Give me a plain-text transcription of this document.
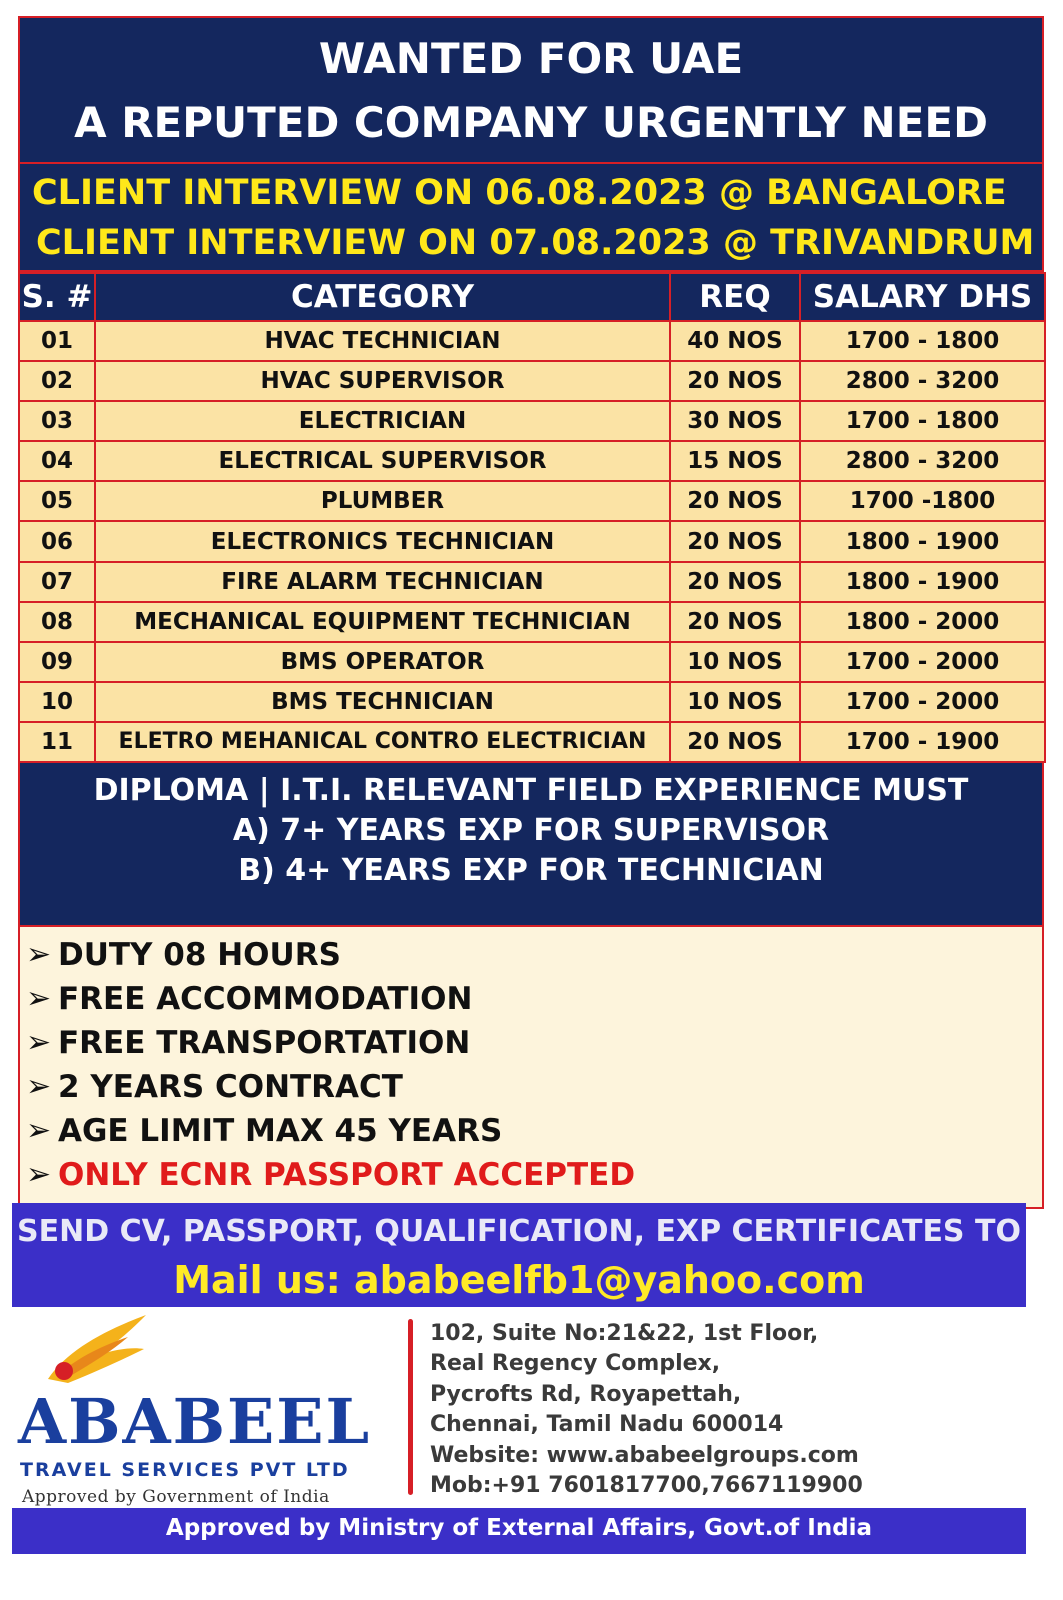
WANTED FOR UAE
A REPUTED COMPANY URGENTLY NEED
CLIENT INTERVIEW ON 06.08.2023 @ BANGALORE
CLIENT INTERVIEW ON 07.08.2023 @ TRIVANDRUM
S. #	CATEGORY	REQ	SALARY DHS
01	HVAC TECHNICIAN	40 NOS	1700 - 1800
02	HVAC SUPERVISOR	20 NOS	2800 - 3200
03	ELECTRICIAN	30 NOS	1700 - 1800
04	ELECTRICAL SUPERVISOR	15 NOS	2800 - 3200
05	PLUMBER	20 NOS	1700 -1800
06	ELECTRONICS TECHNICIAN	20 NOS	1800 - 1900
07	FIRE ALARM TECHNICIAN	20 NOS	1800 - 1900
08	MECHANICAL EQUIPMENT TECHNICIAN	20 NOS	1800 - 2000
09	BMS OPERATOR	10 NOS	1700 - 2000
10	BMS TECHNICIAN	10 NOS	1700 - 2000
11	ELETRO MEHANICAL CONTRO ELECTRICIAN	20 NOS	1700 - 1900
DIPLOMA | I.T.I. RELEVANT FIELD EXPERIENCE MUST
A) 7+ YEARS EXP FOR SUPERVISOR
B) 4+ YEARS EXP FOR TECHNICIAN
➢ DUTY 08 HOURS
➢ FREE ACCOMMODATION
➢ FREE TRANSPORTATION
➢ 2 YEARS CONTRACT
➢ AGE LIMIT MAX 45 YEARS
➢ ONLY ECNR PASSPORT ACCEPTED
SEND CV, PASSPORT, QUALIFICATION, EXP CERTIFICATES TO
Mail us: ababeelfb1@yahoo.com
ABABEEL
TRAVEL SERVICES PVT LTD
Approved by Government of India
102, Suite No:21&22, 1st Floor,
Real Regency Complex,
Pycrofts Rd, Royapettah,
Chennai, Tamil Nadu 600014
Website: www.ababeelgroups.com
Mob:+91 7601817700,7667119900
Approved by Ministry of External Affairs, Govt.of India
